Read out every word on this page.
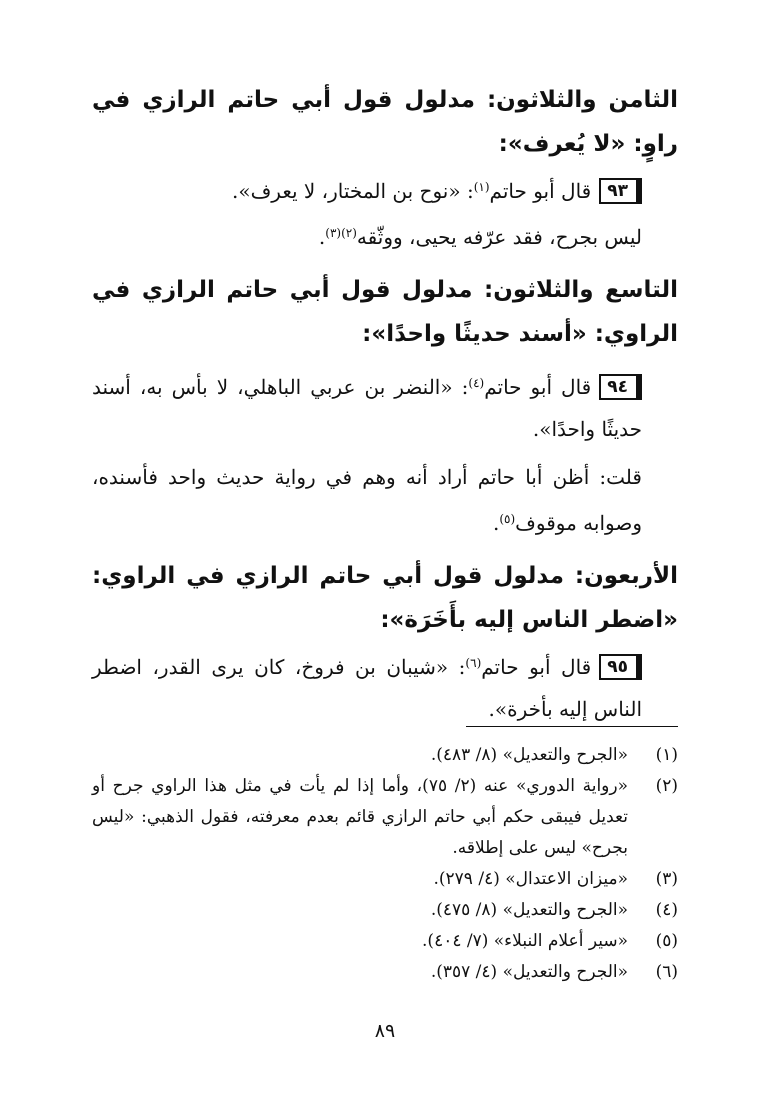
الثامن والثلاثون: مدلول قول أبي حاتم الرازي في راوٍ: «لا يُعرف»:

٩٣قال أبو حاتم$^{(١)}$: «نوح بن المختار، لا يعرف».

ليس بجرح، فقد عرّفه يحيى، ووثّقه$^{(٢)(٣)}$.

التاسع والثلاثون: مدلول قول أبي حاتم الرازي في الراوي: «أسند حديثًا واحدًا»:

٩٤قال أبو حاتم$^{(٤)}$: «النضر بن عربي الباهلي، لا بأس به، أسند حديثًا واحدًا».

قلت: أظن أبا حاتم أراد أنه وهم في رواية حديث واحد فأسنده، وصوابه موقوف$^{(٥)}$.

الأربعون: مدلول قول أبي حاتم الرازي في الراوي: «اضطر الناس إليه بأَخَرَة»:

٩٥قال أبو حاتم$^{(٦)}$: «شيبان بن فروخ، كان يرى القدر، اضطر الناس إليه بأخرة».

(١)
«الجرح والتعديل» (٨/ ٤٨٣).
(٢)
«رواية الدوري» عنه (٢/ ٧٥)، وأما إذا لم يأت في مثل هذا الراوي جرح أو تعديل فيبقى حكم أبي حاتم الرازي قائم بعدم معرفته، فقول الذهبي: «ليس بجرح» ليس على إطلاقه.
(٣)
«ميزان الاعتدال» (٤/ ٢٧٩).
(٤)
«الجرح والتعديل» (٨/ ٤٧٥).
(٥)
«سير أعلام النبلاء» (٧/ ٤٠٤).
(٦)
«الجرح والتعديل» (٤/ ٣٥٧).
٨٩
